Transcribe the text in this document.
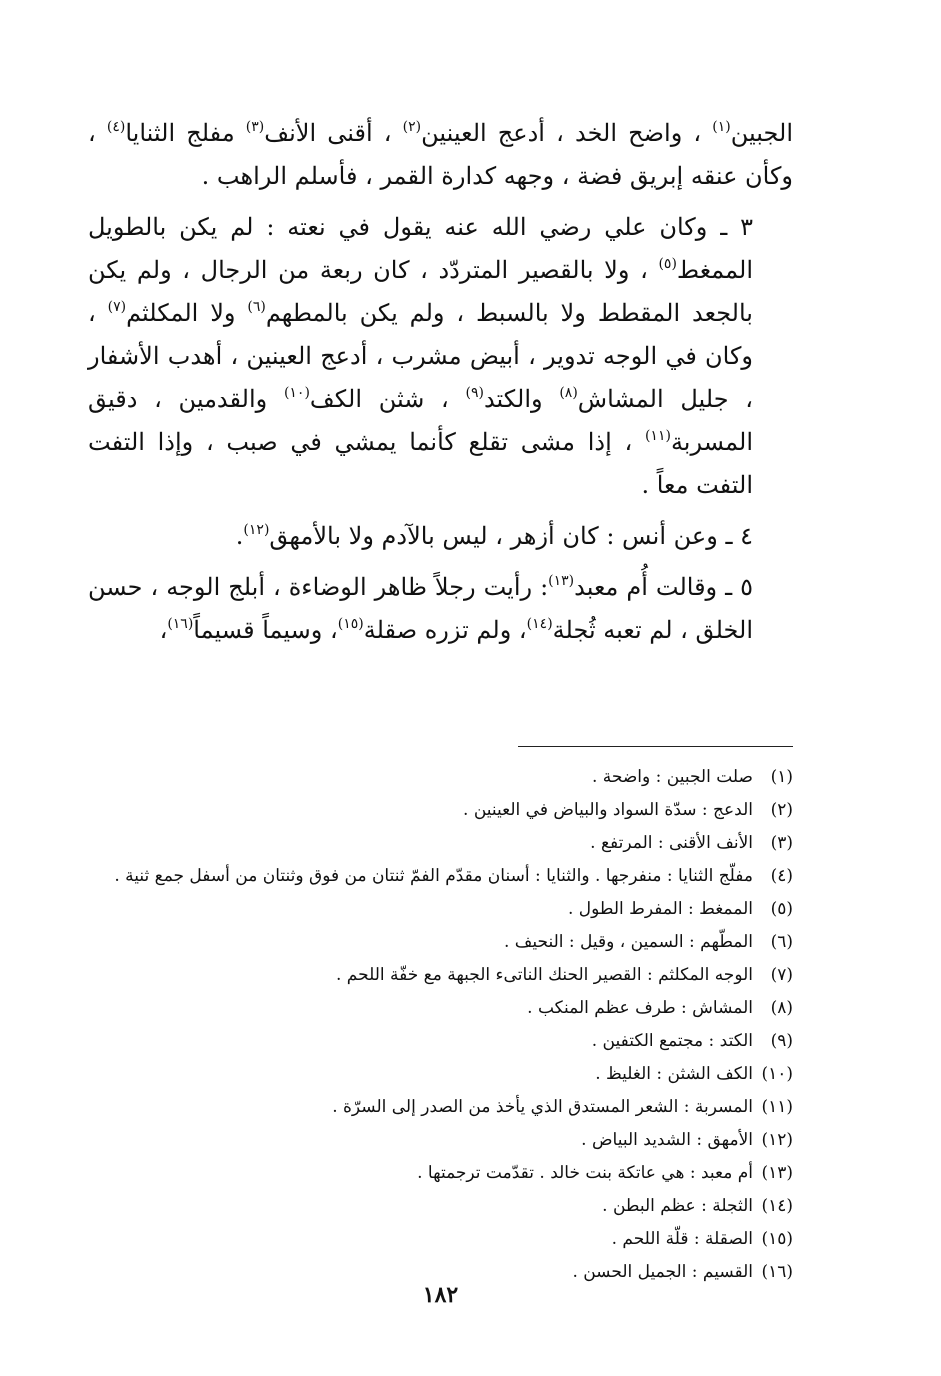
الجبين$^{(١)}$ ، واضح الخد ، أدعج العينين$^{(٢)}$ ، أقنى الأنف$^{(٣)}$ مفلج الثنايا$^{(٤)}$ ، وكأن عنقه إبريق فضة ، وجهه كدارة القمر ، فأسلم الراهب .

٣ ـ وكان علي رضي الله عنه يقول في نعته : لم يكن بالطويل الممغط$^{(٥)}$ ، ولا بالقصير المتردّد ، كان ربعة من الرجال ، ولم يكن بالجعد المقطط ولا بالسبط ، ولم يكن بالمطهم$^{(٦)}$ ولا المكلثم$^{(٧)}$ ، وكان في الوجه تدوير ، أبيض مشرب ، أدعج العينين ، أهدب الأشفار ، جليل المشاش$^{(٨)}$ والكتد$^{(٩)}$ ، شثن الكف$^{(١٠)}$ والقدمين ، دقيق المسربة$^{(١١)}$ ، إذا مشى تقلع كأنما يمشي في صبب ، وإذا التفت التفت معاً .

٤ ـ وعن أنس : كان أزهر ، ليس بالآدم ولا بالأمهق$^{(١٢)}$.

٥ ـ وقالت أُم معبد$^{(١٣)}$: رأيت رجلاً ظاهر الوضاءة ، أبلج الوجه ، حسن الخلق ، لم تعبه ثُجلة$^{(١٤)}$، ولم تزره صقلة$^{(١٥)}$، وسيماً قسيماً$^{(١٦)}$،

(١)صلت الجبين : واضحة .
(٢)الدعج : سدّة السواد والبياض في العينين .
(٣)الأنف الأقنى : المرتفع .
(٤)مفلّج الثنايا : منفرجها . والثنايا : أسنان مقدّم الفمّ ثنتان من فوق وثنتان من أسفل جمع ثنية .
(٥)الممغط : المفرط الطول .
(٦)المطّهم : السمين ، وقيل : النحيف .
(٧)الوجه المكلثم : القصير الحنك الناتىء الجبهة مع خفّة اللحم .
(٨)المشاش : طرف عظم المنكب .
(٩)الكتد : مجتمع الكتفين .
(١٠)الكف الشثن : الغليظ .
(١١)المسربة : الشعر المستدق الذي يأخذ من الصدر إلى السرّة .
(١٢)الأمهق : الشديد البياض .
(١٣)أم معبد : هي عاتكة بنت خالد . تقدّمت ترجمتها .
(١٤)الثجلة : عظم البطن .
(١٥)الصقلة : قلّة اللحم .
(١٦)القسيم : الجميل الحسن .
١٨٢
